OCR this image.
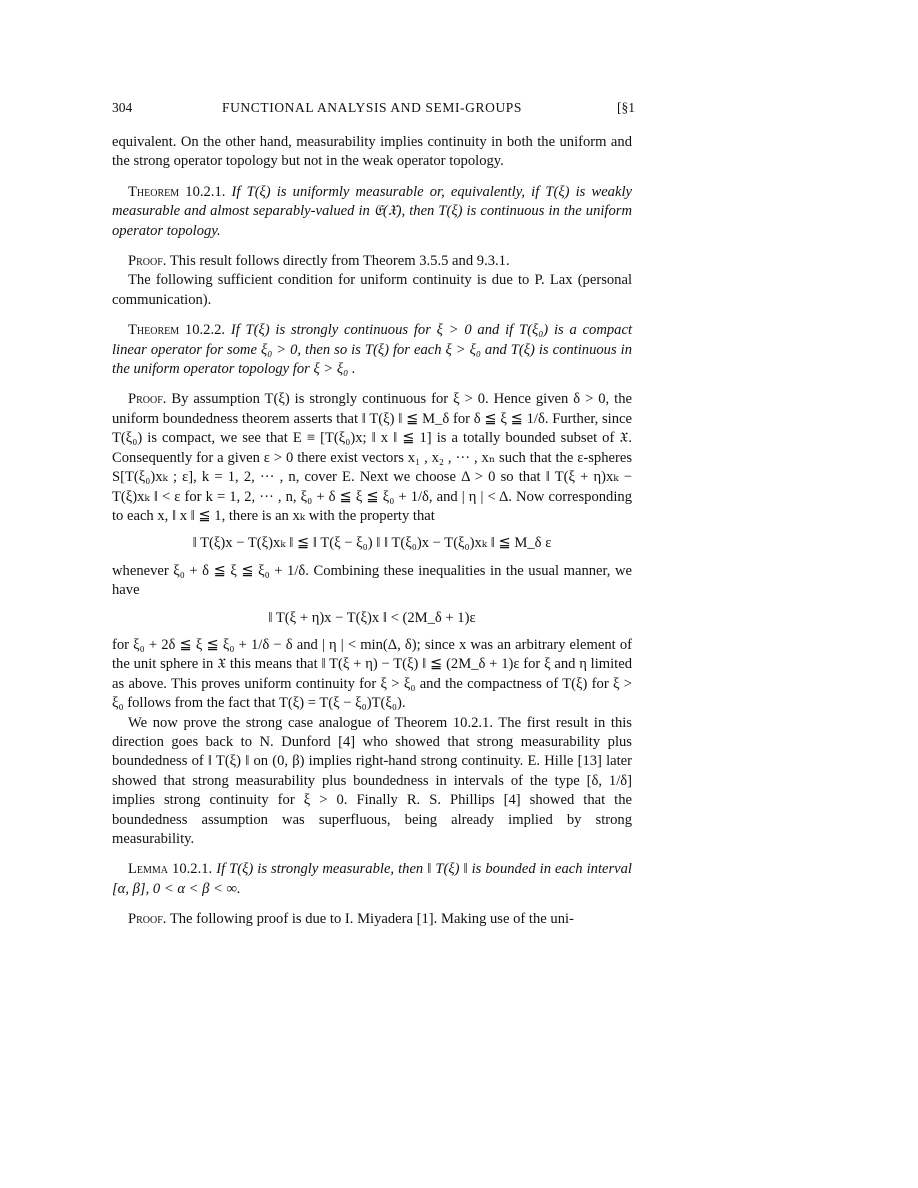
304	FUNCTIONAL ANALYSIS AND SEMI-GROUPS	[§1

equivalent. On the other hand, measurability implies continuity in both the uniform and the strong operator topology but not in the weak operator topology.

Theorem 10.2.1. If T(ξ) is uniformly measurable or, equivalently, if T(ξ) is weakly measurable and almost separably-valued in 𝔈(𝔛), then T(ξ) is continuous in the uniform operator topology.

Proof. This result follows directly from Theorem 3.5.5 and 9.3.1.

The following sufficient condition for uniform continuity is due to P. Lax (personal communication).

Theorem 10.2.2. If T(ξ) is strongly continuous for ξ > 0 and if T(ξ₀) is a compact linear operator for some ξ₀ > 0, then so is T(ξ) for each ξ > ξ₀ and T(ξ) is continuous in the uniform operator topology for ξ > ξ₀ .

Proof. By assumption T(ξ) is strongly continuous for ξ > 0. Hence given δ > 0, the uniform boundedness theorem asserts that ‖ T(ξ) ‖ ≦ M_δ for δ ≦ ξ ≦ 1/δ. Further, since T(ξ₀) is compact, we see that E ≡ [T(ξ₀)x; ‖ x ‖ ≦ 1] is a totally bounded subset of 𝔛. Consequently for a given ε > 0 there exist vectors x₁ , x₂ , ··· , xₙ such that the ε-spheres S[T(ξ₀)xₖ ; ε], k = 1, 2, ··· , n, cover E. Next we choose Δ > 0 so that ‖ T(ξ + η)xₖ − T(ξ)xₖ ‖ < ε for k = 1, 2, ··· , n, ξ₀ + δ ≦ ξ ≦ ξ₀ + 1/δ, and | η | < Δ. Now corresponding to each x, ‖ x ‖ ≦ 1, there is an xₖ with the property that

‖ T(ξ)x − T(ξ)xₖ ‖ ≦ ‖ T(ξ − ξ₀) ‖ ‖ T(ξ₀)x − T(ξ₀)xₖ ‖ ≦ M_δ ε

whenever ξ₀ + δ ≦ ξ ≦ ξ₀ + 1/δ. Combining these inequalities in the usual manner, we have

‖ T(ξ + η)x − T(ξ)x ‖ < (2M_δ + 1)ε

for ξ₀ + 2δ ≦ ξ ≦ ξ₀ + 1/δ − δ and | η | < min(Δ, δ); since x was an arbitrary element of the unit sphere in 𝔛 this means that ‖ T(ξ + η) − T(ξ) ‖ ≦ (2M_δ + 1)ε for ξ and η limited as above. This proves uniform continuity for ξ > ξ₀ and the compactness of T(ξ) for ξ > ξ₀ follows from the fact that T(ξ) = T(ξ − ξ₀)T(ξ₀).

We now prove the strong case analogue of Theorem 10.2.1. The first result in this direction goes back to N. Dunford [4] who showed that strong measurability plus boundedness of ‖ T(ξ) ‖ on (0, β) implies right-hand strong continuity. E. Hille [13] later showed that strong measurability plus boundedness in intervals of the type [δ, 1/δ] implies strong continuity for ξ > 0. Finally R. S. Phillips [4] showed that the boundedness assumption was superfluous, being already implied by strong measurability.

Lemma 10.2.1. If T(ξ) is strongly measurable, then ‖ T(ξ) ‖ is bounded in each interval [α, β], 0 < α < β < ∞.

Proof. The following proof is due to I. Miyadera [1]. Making use of the uni-
